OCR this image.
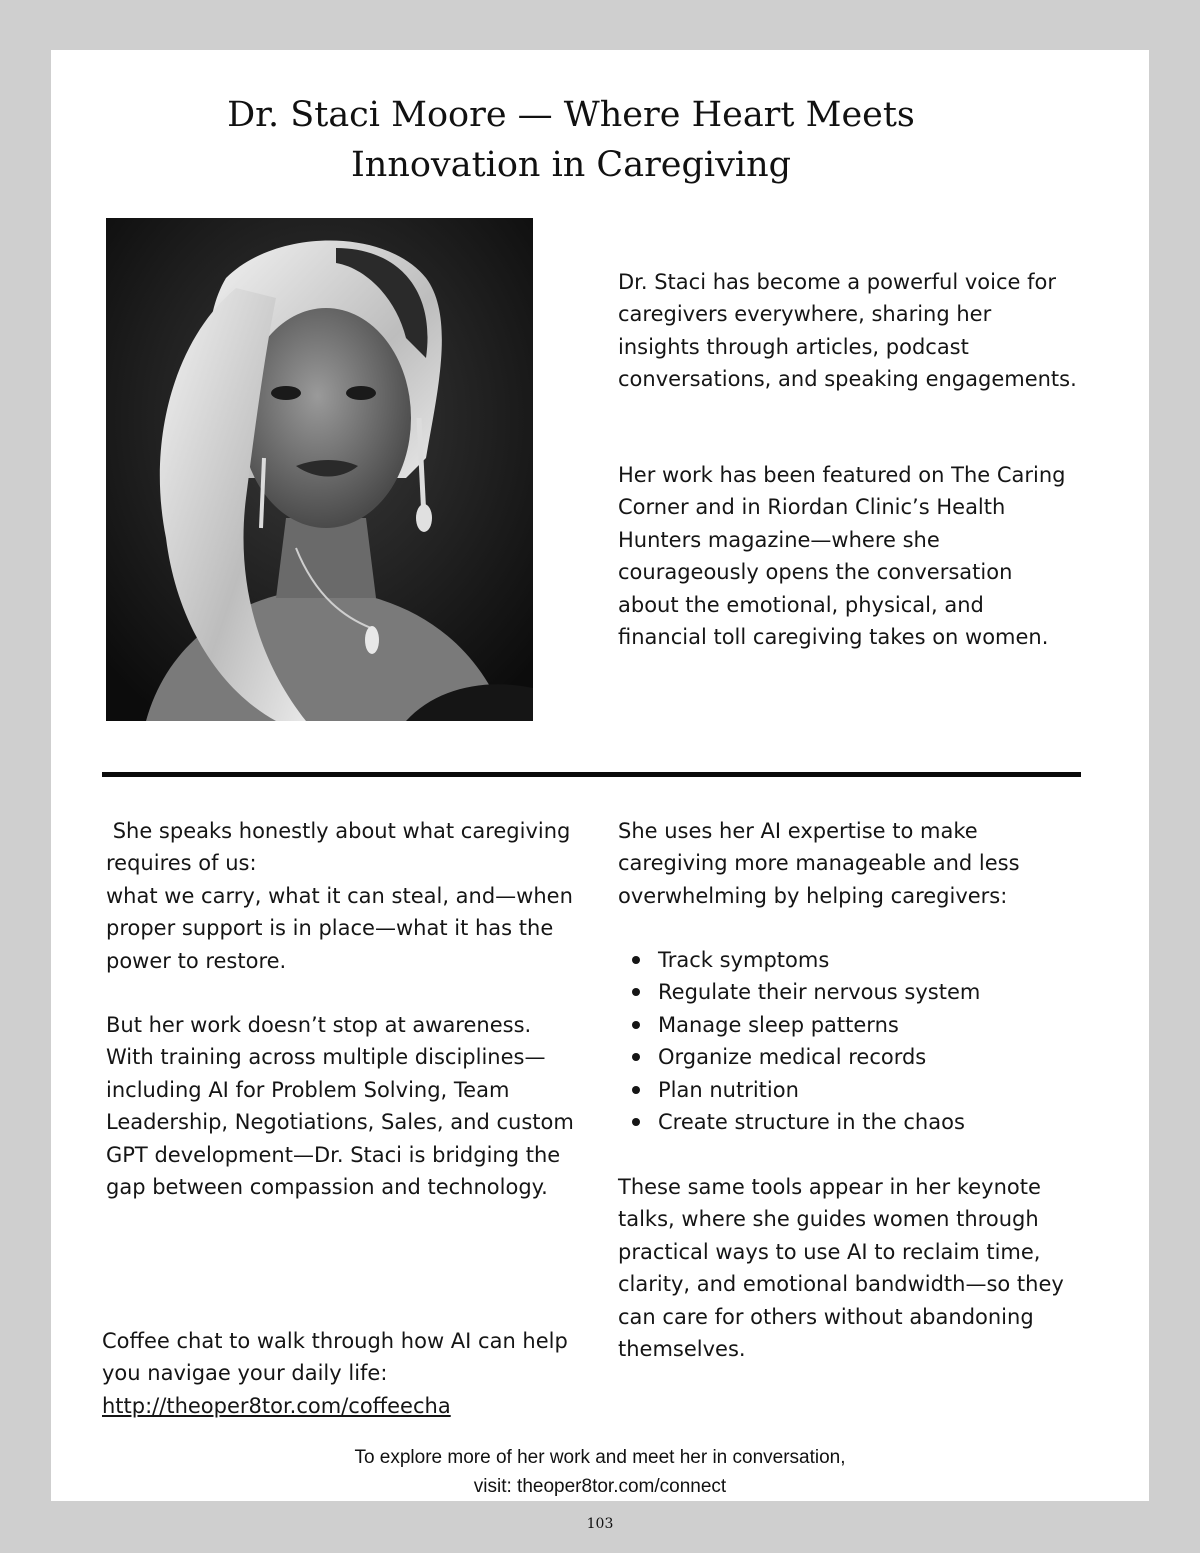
Dr. Staci Moore — Where Heart Meets
Innovation in Caregiving

Dr. Staci has become a powerful voice for caregivers everywhere, sharing her insights through articles, podcast conversations, and speaking engagements.

Her work has been featured on The Caring Corner and in Riordan Clinic’s Health Hunters magazine—where she courageously opens the conversation about the emotional, physical, and financial toll caregiving takes on women.

She speaks honestly about what caregiving requires of us:
what we carry, what it can steal, and—when proper support is in place—what it has the power to restore.

But her work doesn’t stop at awareness. With training across multiple disciplines—including AI for Problem Solving, Team Leadership, Negotiations, Sales, and custom GPT development—Dr. Staci is bridging the gap between compassion and technology.

She uses her AI expertise to make caregiving more manageable and less overwhelming by helping caregivers:

Track symptoms
Regulate their nervous system
Manage sleep patterns
Organize medical records
Plan nutrition
Create structure in the chaos

These same tools appear in her keynote talks, where she guides women through practical ways to use AI to reclaim time, clarity, and emotional bandwidth—so they can care for others without abandoning themselves.

Coffee chat to walk through how AI can help you navigae your daily life:
http://theoper8tor.com/coffeecha
To explore more of her work and meet her in conversation,
visit: theoper8tor.com/connect
103
